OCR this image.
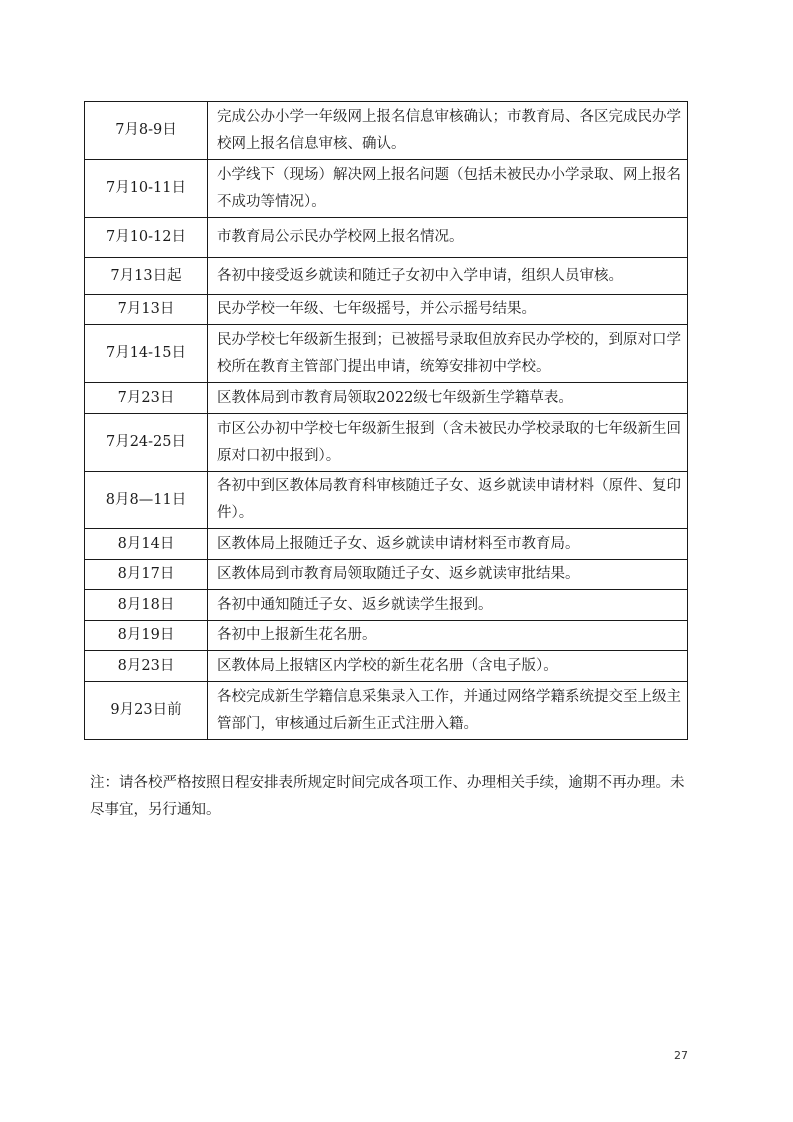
7月8-9日	完成公办小学一年级网上报名信息审核确认；市教育局、各区完成民办学校网上报名信息审核、确认。
7月10-11日	小学线下（现场）解决网上报名问题（包括未被民办小学录取、网上报名不成功等情况）。
7月10-12日	市教育局公示民办学校网上报名情况。
7月13日起	各初中接受返乡就读和随迁子女初中入学申请，组织人员审核。
7月13日	民办学校一年级、七年级摇号，并公示摇号结果。
7月14-15日	民办学校七年级新生报到；已被摇号录取但放弃民办学校的，到原对口学校所在教育主管部门提出申请，统筹安排初中学校。
7月23日	区教体局到市教育局领取2022级七年级新生学籍草表。
7月24-25日	市区公办初中学校七年级新生报到（含未被民办学校录取的七年级新生回原对口初中报到）。
8月8—11日	各初中到区教体局教育科审核随迁子女、返乡就读申请材料（原件、复印件）。
8月14日	区教体局上报随迁子女、返乡就读申请材料至市教育局。
8月17日	区教体局到市教育局领取随迁子女、返乡就读审批结果。
8月18日	各初中通知随迁子女、返乡就读学生报到。
8月19日	各初中上报新生花名册。
8月23日	区教体局上报辖区内学校的新生花名册（含电子版）。
9月23日前	各校完成新生学籍信息采集录入工作，并通过网络学籍系统提交至上级主管部门，审核通过后新生正式注册入籍。

注：请各校严格按照日程安排表所规定时间完成各项工作、办理相关手续，逾期不再办理。未尽事宜，另行通知。

27
